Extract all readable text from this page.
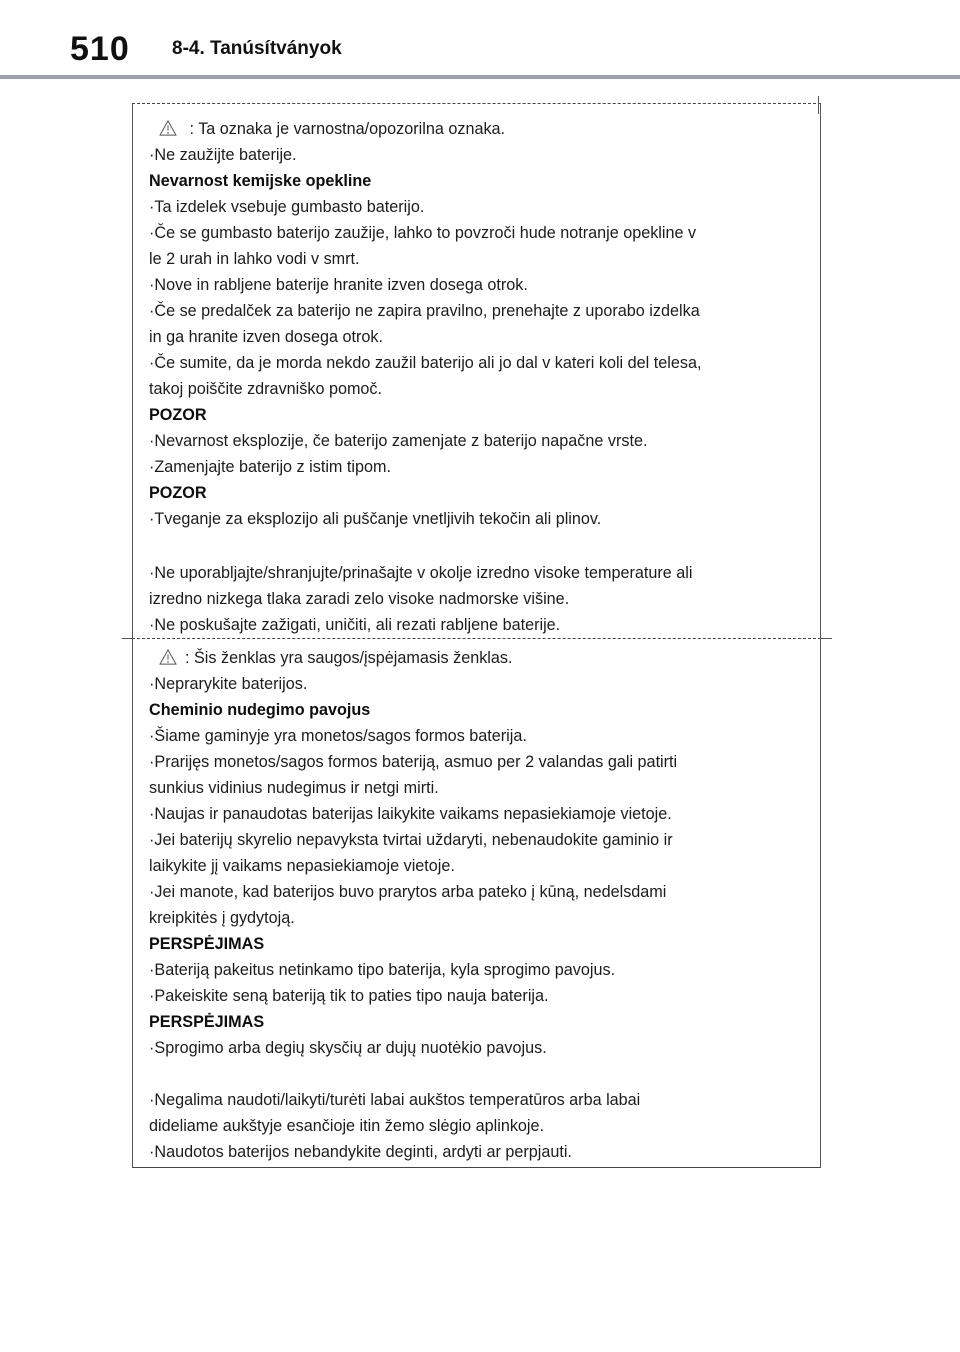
510 8-4. Tanúsítványok
: Ta oznaka je varnostna/opozorilna oznaka.
·Ne zaužijte baterije.
Nevarnost kemijske opekline
·Ta izdelek vsebuje gumbasto baterijo.
·Če se gumbasto baterijo zaužije, lahko to povzroči hude notranje opekline v
le 2 urah in lahko vodi v smrt.
·Nove in rabljene baterije hranite izven dosega otrok.
·Če se predalček za baterijo ne zapira pravilno, prenehajte z uporabo izdelka
in ga hranite izven dosega otrok.
·Če sumite, da je morda nekdo zaužil baterijo ali jo dal v kateri koli del telesa,
takoj poiščite zdravniško pomoč.
POZOR
·Nevarnost eksplozije, če baterijo zamenjate z baterijo napačne vrste.
·Zamenjajte baterijo z istim tipom.
POZOR
·Tveganje za eksplozijo ali puščanje vnetljivih tekočin ali plinov.
·Ne uporabljajte/shranjujte/prinašajte v okolje izredno visoke temperature ali
izredno nizkega tlaka zaradi zelo visoke nadmorske višine.
·Ne poskušajte zažigati, uničiti, ali rezati rabljene baterije.
: Šis ženklas yra saugos/įspėjamasis ženklas.
·Neprarykite baterijos.
Cheminio nudegimo pavojus
·Šiame gaminyje yra monetos/sagos formos baterija.
·Prarijęs monetos/sagos formos bateriją, asmuo per 2 valandas gali patirti
sunkius vidinius nudegimus ir netgi mirti.
·Naujas ir panaudotas baterijas laikykite vaikams nepasiekiamoje vietoje.
·Jei baterijų skyrelio nepavyksta tvirtai uždaryti, nebenaudokite gaminio ir
laikykite jį vaikams nepasiekiamoje vietoje.
·Jei manote, kad baterijos buvo prarytos arba pateko į kūną, nedelsdami
kreipkitės į gydytoją.
PERSPĖJIMAS
·Bateriją pakeitus netinkamo tipo baterija, kyla sprogimo pavojus.
·Pakeiskite seną bateriją tik to paties tipo nauja baterija.
PERSPĖJIMAS
·Sprogimo arba degių skysčių ar dujų nuotėkio pavojus.
·Negalima naudoti/laikyti/turėti labai aukštos temperatūros arba labai
dideliame aukštyje esančioje itin žemo slėgio aplinkoje.
·Naudotos baterijos nebandykite deginti, ardyti ar perpjauti.
